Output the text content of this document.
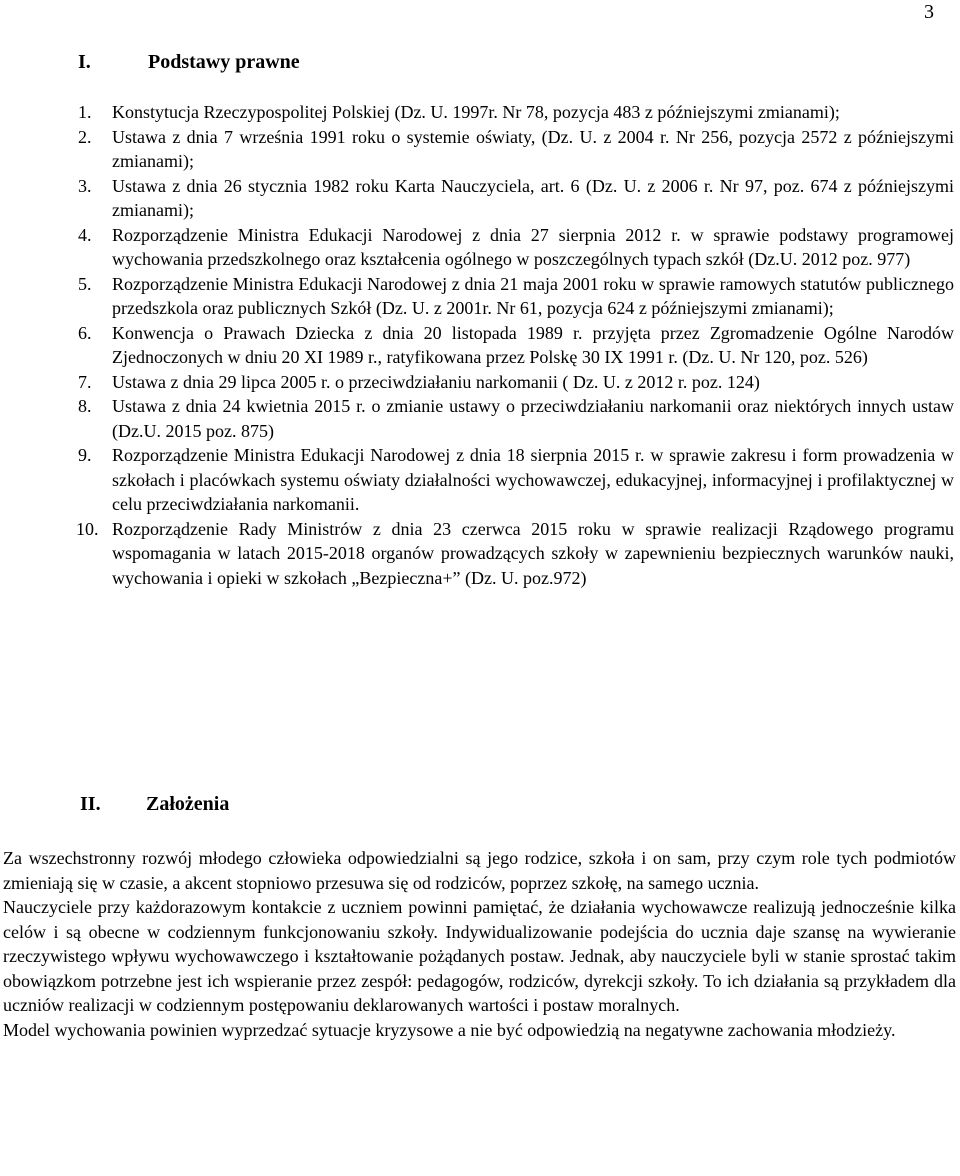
3
I.	Podstawy prawne
1. Konstytucja Rzeczypospolitej Polskiej (Dz. U. 1997r. Nr 78, pozycja 483 z późniejszymi zmianami);
2. Ustawa z dnia 7 września 1991 roku o systemie oświaty, (Dz. U. z 2004 r. Nr 256, pozycja 2572 z późniejszymi zmianami);
3. Ustawa z dnia 26 stycznia 1982 roku Karta Nauczyciela, art. 6 (Dz. U. z 2006 r. Nr 97, poz. 674 z późniejszymi zmianami);
4. Rozporządzenie Ministra Edukacji Narodowej z dnia 27 sierpnia 2012 r. w sprawie podstawy programowej wychowania przedszkolnego oraz kształcenia ogólnego w poszczególnych typach szkół (Dz.U. 2012 poz. 977)
5. Rozporządzenie Ministra Edukacji Narodowej z dnia 21 maja 2001 roku w sprawie ramowych statutów publicznego przedszkola oraz publicznych Szkół (Dz. U. z 2001r. Nr 61, pozycja 624 z późniejszymi zmianami);
6. Konwencja o Prawach Dziecka z dnia 20 listopada 1989 r. przyjęta przez Zgromadzenie Ogólne Narodów Zjednoczonych w dniu 20 XI 1989 r., ratyfikowana przez Polskę 30 IX 1991 r. (Dz. U. Nr 120, poz. 526)
7. Ustawa z dnia 29 lipca 2005 r. o przeciwdziałaniu narkomanii ( Dz. U. z 2012 r. poz. 124)
8. Ustawa z dnia 24 kwietnia 2015 r. o zmianie ustawy o przeciwdziałaniu narkomanii oraz niektórych innych ustaw (Dz.U. 2015 poz. 875)
9. Rozporządzenie Ministra Edukacji Narodowej z dnia 18 sierpnia 2015 r. w sprawie zakresu i form prowadzenia w szkołach i placówkach systemu oświaty działalności wychowawczej, edukacyjnej, informacyjnej i profilaktycznej w celu przeciwdziałania narkomanii.
10. Rozporządzenie Rady Ministrów z dnia 23 czerwca 2015 roku w sprawie realizacji Rządowego programu wspomagania w latach 2015-2018 organów prowadzących szkoły w zapewnieniu bezpiecznych warunków nauki, wychowania i opieki w szkołach „Bezpieczna+” (Dz. U. poz.972)
II. Założenia

Za wszechstronny rozwój młodego człowieka odpowiedzialni są jego rodzice, szkoła i on sam, przy czym role tych podmiotów zmieniają się w czasie, a akcent stopniowo przesuwa się od rodziców, poprzez szkołę, na samego ucznia.

Nauczyciele przy każdorazowym kontakcie z uczniem powinni pamiętać, że działania wychowawcze realizują jednocześnie kilka celów i są obecne w codziennym funkcjonowaniu szkoły. Indywidualizowanie podejścia do ucznia daje szansę na wywieranie rzeczywistego wpływu wychowawczego i kształtowanie pożądanych postaw. Jednak, aby nauczyciele byli w stanie sprostać takim obowiązkom potrzebne jest ich wspieranie przez zespół: pedagogów, rodziców, dyrekcji szkoły. To ich działania są przykładem dla uczniów realizacji w codziennym postępowaniu deklarowanych wartości i postaw moralnych.

Model wychowania powinien wyprzedzać sytuacje kryzysowe a nie być odpowiedzią na negatywne zachowania młodzieży.
